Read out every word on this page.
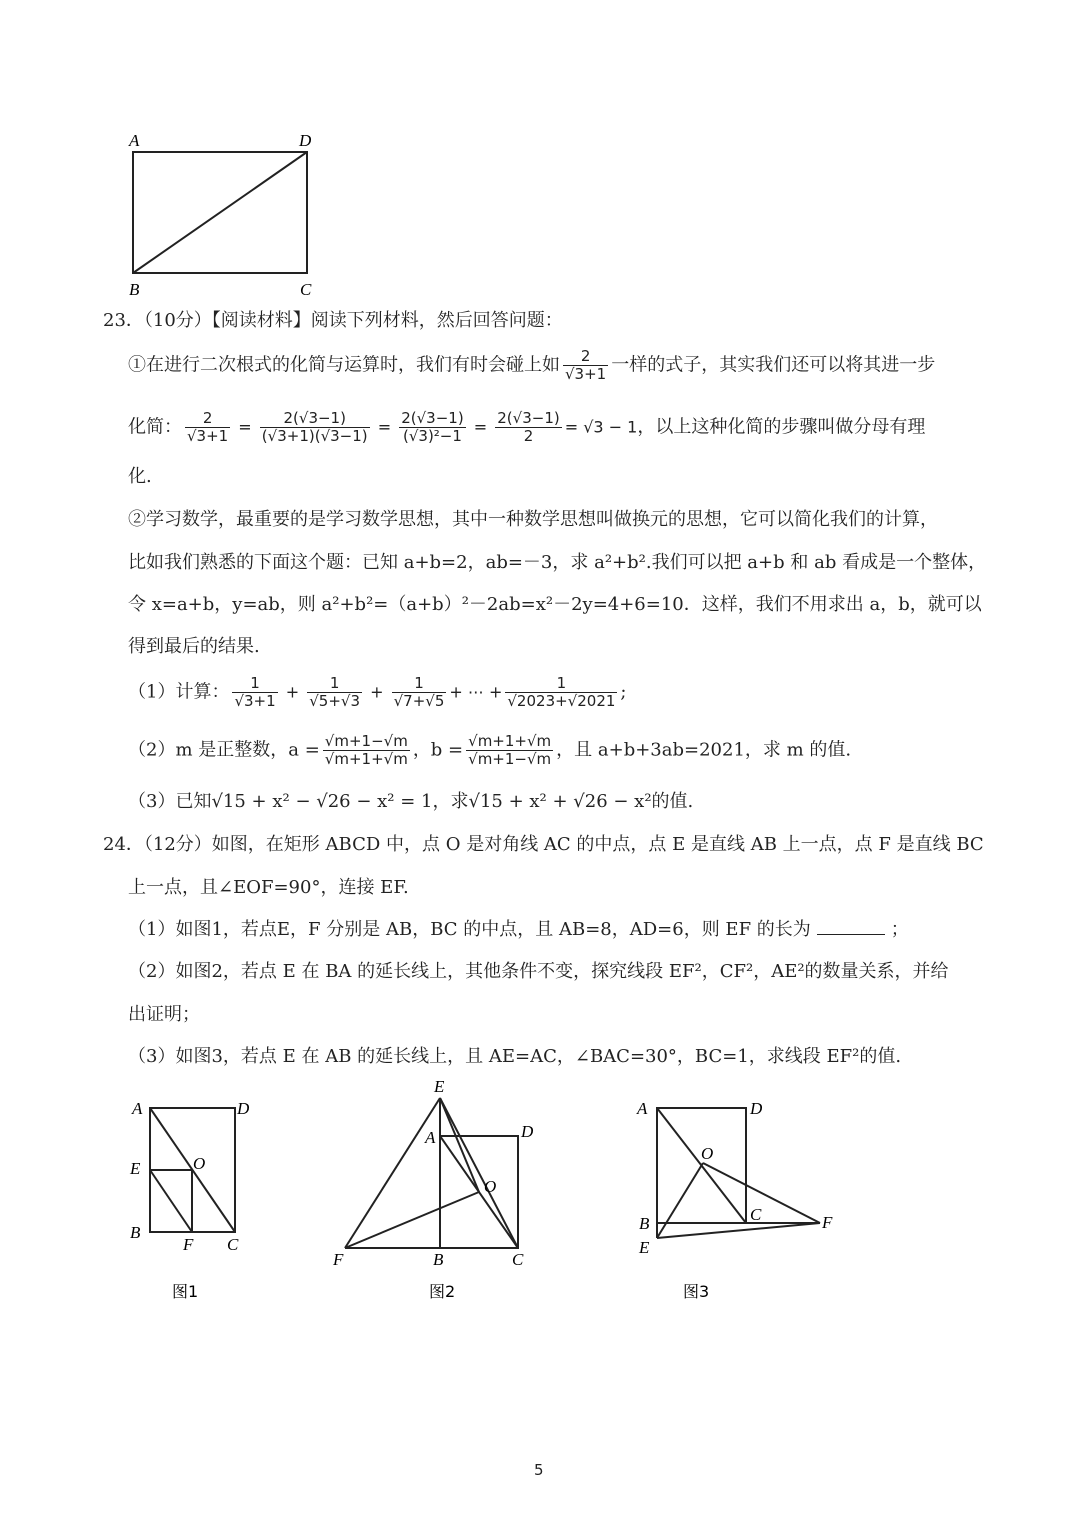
A	D
B	C
23．（10分）【阅读材料】阅读下列材料，然后回答问题：
①在进行二次根式的化简与运算时，我们有时会碰上如 $\frac{2}{√3+1}$ 一样的式子，其实我们还可以将其进一步
化简： $\frac{2}{√3+1} = \frac{2(√3-1)}{(√3+1)(√3-1)} = \frac{2(√3-1)}{\text{(√3)²−1}} = \frac{2(√3-1)}{2} = √3 - 1$，以上这种化简的步骤叫做分母有理
化.
②学习数学，最重要的是学习数学思想，其中一种数学思想叫做换元的思想，它可以简化我们的计算，
比如我们熟悉的下面这个题：已知 a+b=2，ab=－3，求 a²+b².我们可以把 a+b 和 ab 看成是一个整体，
令 x=a+b，y=ab，则 a²+b²=（a+b）²－2ab=x²－2y=4+6=10．这样，我们不用求出 a，b，就可以
得到最后的结果.
（1）计算： $\frac{1}{√3+1} + \frac{1}{√5+√3} + \frac{1}{√7+√5}$ + ⋯ + $\frac{1}{√2023+√2021}$ ;
（2）m 是正整数，$a = \frac{√m+1-√m}{√m+1+√m}$ ，$b = \frac{√m+1+√m}{√m+1-√m}$ ，且 a+b+3ab=2021，求 m 的值.
（3）已知√15 + x² − √26 − x² = 1，求√15 + x² + √26 − x²的值.
24．（12分）如图，在矩形 ABCD 中，点 O 是对角线 AC 的中点，点 E 是直线 AB 上一点，点 F 是直线 BC
上一点，且∠EOF=90°，连接 EF.
（1）如图1，若点E，F 分别是 AB，BC 的中点，且 AB=8，AD=6，则 EF 的长为	；
（2）如图2，若点 E 在 BA 的延长线上，其他条件不变，探究线段 EF²，CF²，AE²的数量关系，并给
出证明；
（3）如图3，若点 E 在 AB 的延长线上，且 AE=AC，∠BAC=30°，BC=1，求线段 EF²的值.
A	D
E	O
B
F C
图1
E
A	D
O
F	B	C
图2
A	D
O
C
B
E
F
图3
5
